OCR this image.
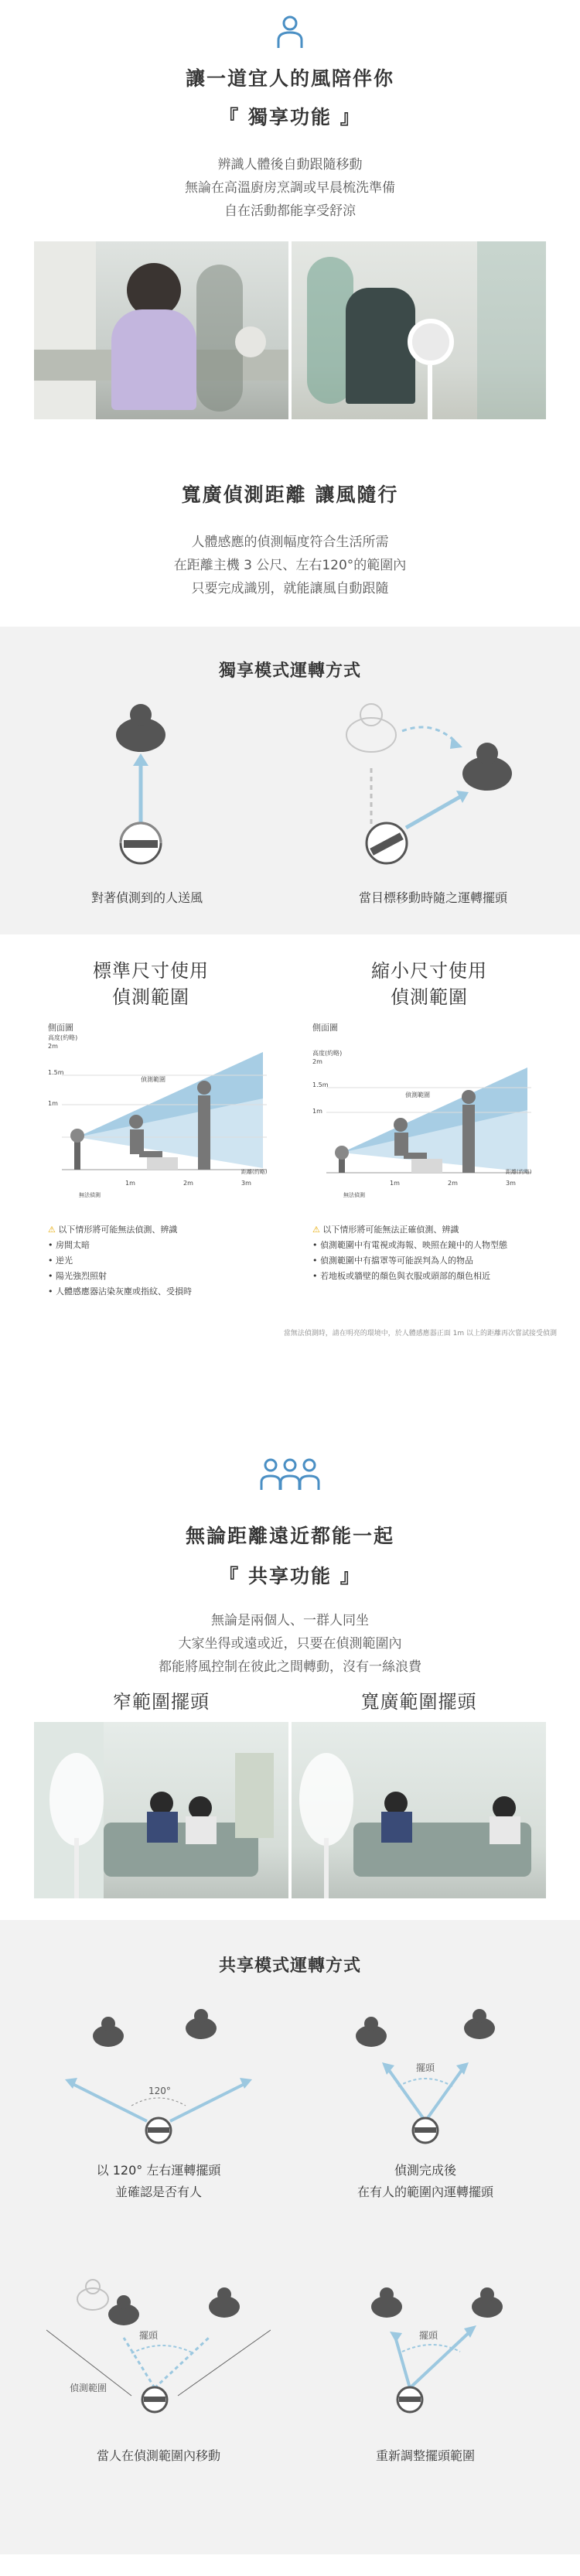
讓一道宜人的風陪伴你
『 獨享功能 』
辨識人體後自動跟隨移動
無論在高溫廚房烹調或早晨梳洗準備
自在活動都能享受舒涼
寬廣偵測距離 讓風隨行
人體感應的偵測幅度符合生活所需
在距離主機 3 公尺、左右120°的範圍內
只要完成識別，就能讓風自動跟隨
獨享模式運轉方式
對著偵測到的人送風	當目標移動時隨之運轉擺頭
標準尺寸使用
偵測範圍
縮小尺寸使用
偵測範圍
側面圖
高度(約略)
2m
1.5m
1m
1m	2m	3m
距離(約略)
偵測範圍
無法偵測
側面圖
高度(約略)
2m
1.5m
1m
1m	2m	3m
距離(約略)
偵測範圍
無法偵測
⚠ 以下情形將可能無法偵測、辨識
• 房間太暗
• 逆光
• 陽光強烈照射
• 人體感應器沾染灰塵或指紋、受損時
⚠ 以下情形將可能無法正確偵測、辨識
• 偵測範圍中有電視或海報、映照在鏡中的人物型態
• 偵測範圍中有擋罩等可能誤判為人的物品
• 若地板或牆壁的顏色與衣服或頭部的顏色相近
當無法偵測時，請在明亮的環境中，於人體感應器正面 1m 以上的距離再次嘗試接受偵測
無論距離遠近都能一起
『 共享功能 』
無論是兩個人、一群人同坐
大家坐得或遠或近，只要在偵測範圍內
都能將風控制在彼此之間轉動，沒有一絲浪費
窄範圍擺頭	寬廣範圍擺頭
共享模式運轉方式
120°
以 120° 左右運轉擺頭
並確認是否有人
擺頭
偵測完成後
在有人的範圍內運轉擺頭
擺頭
偵測範圍
當人在偵測範圍內移動
擺頭
重新調整擺頭範圍
